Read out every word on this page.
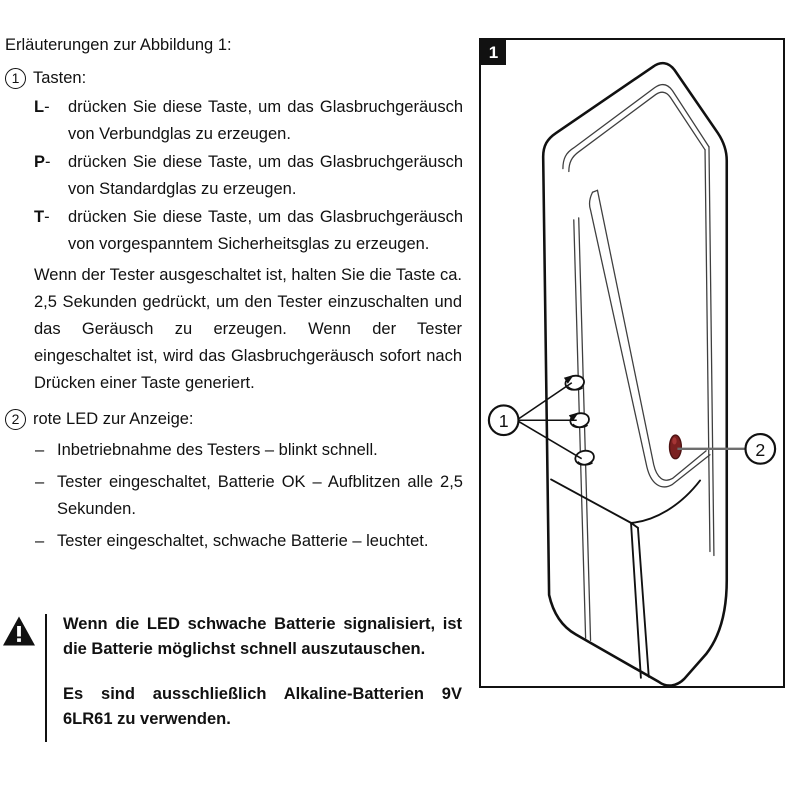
Erläuterungen zur Abbildung 1:

1 Tasten:
L-	drücken Sie diese Taste, um das Glasbruchgeräusch von Verbundglas zu erzeugen.
P-	drücken Sie diese Taste, um das Glasbruchgeräusch von Standardglas zu erzeugen.
T-	drücken Sie diese Taste, um das Glasbruchgeräusch von vorgespanntem Sicherheitsglas zu erzeugen.

Wenn der Tester ausgeschaltet ist, halten Sie die Taste ca. 2,5 Sekunden gedrückt, um den Tester einzuschalten und das Geräusch zu erzeugen. Wenn der Tester eingeschaltet ist, wird das Glasbruchgeräusch sofort nach Drücken einer Taste generiert.

2 rote LED zur Anzeige:
– Inbetriebnahme des Testers – blinkt schnell.
– Tester eingeschaltet, Batterie OK – Aufblitzen alle 2,5 Sekunden.
– Tester eingeschaltet, schwache Batterie – leuchtet.

Wenn die LED schwache Batterie signalisiert, ist die Batterie möglichst schnell auszutauschen.

Es sind ausschließlich Alkaline-Batterien 9V 6LR61 zu verwenden.

1
1
2
